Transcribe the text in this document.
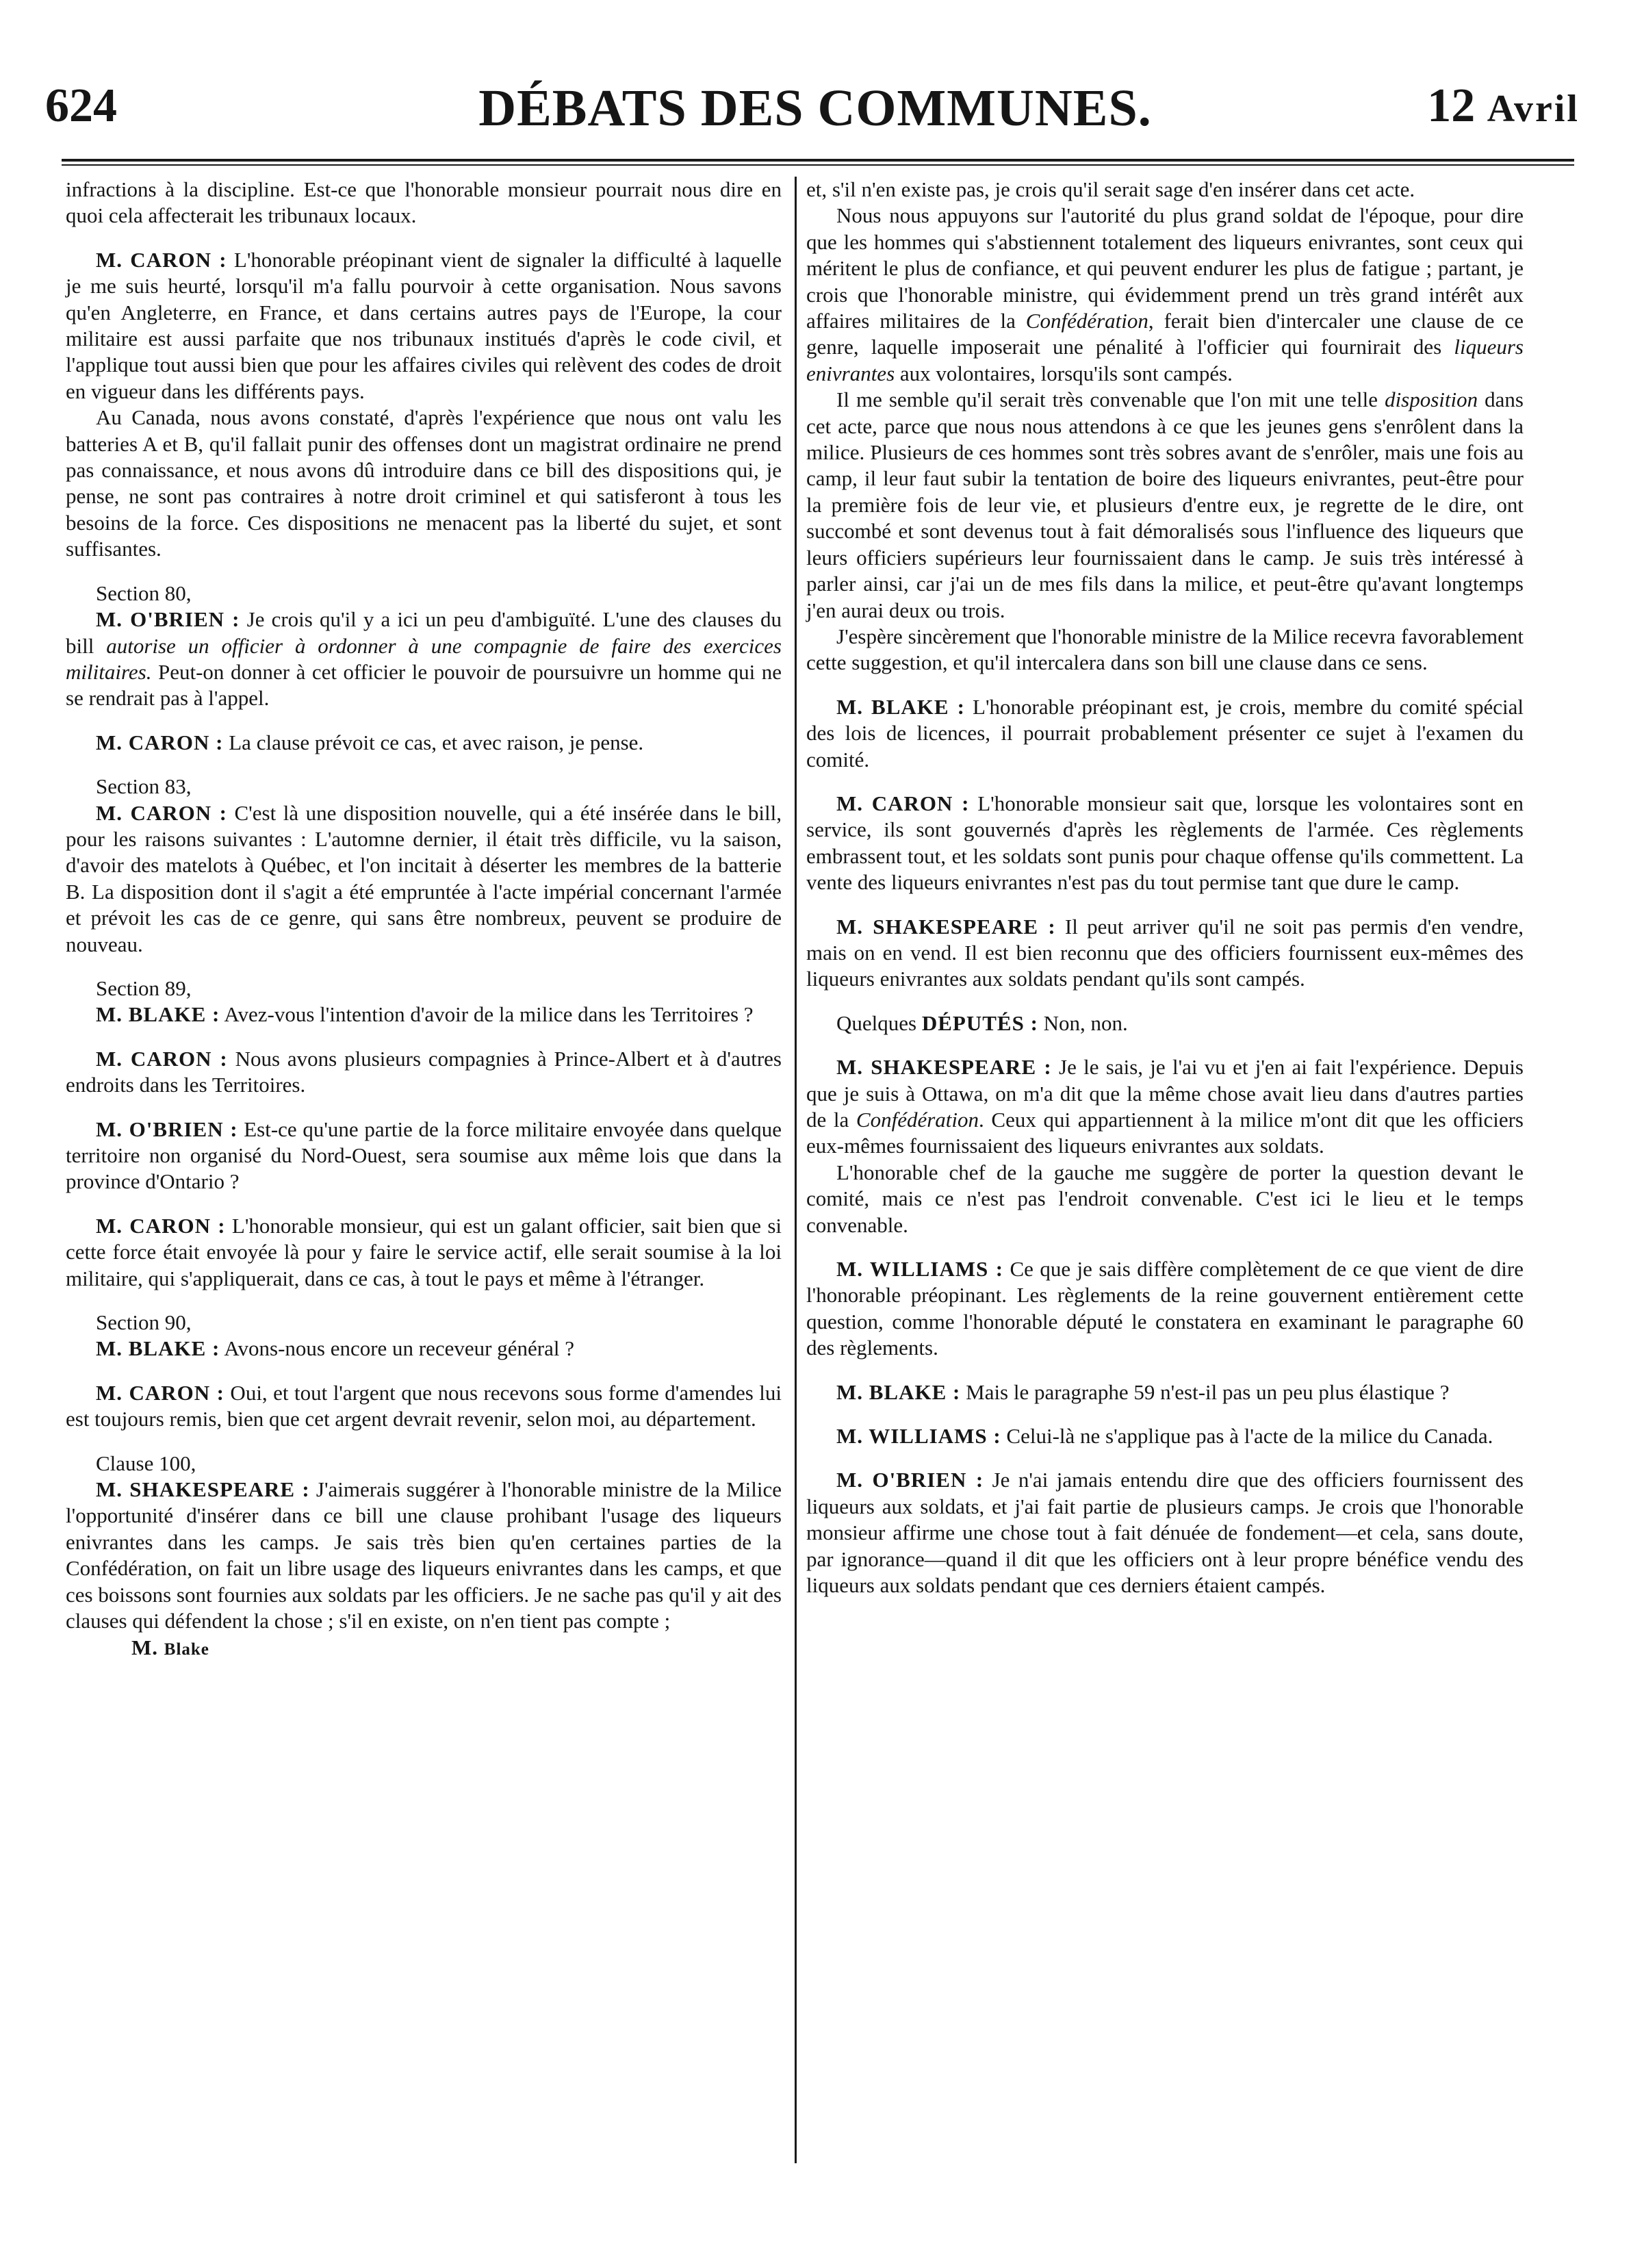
624	DÉBATS DES COMMUNES.	12 Avril

infractions à la discipline. Est-ce que l'honorable monsieur pourrait nous dire en quoi cela affecterait les tribunaux locaux.

M. CARON : L'honorable préopinant vient de signaler la difficulté à laquelle je me suis heurté, lorsqu'il m'a fallu pourvoir à cette organisation. Nous savons qu'en Angleterre, en France, et dans certains autres pays de l'Europe, la cour militaire est aussi parfaite que nos tribunaux institués d'après le code civil, et l'applique tout aussi bien que pour les affaires civiles qui relèvent des codes de droit en vigueur dans les différents pays.

Au Canada, nous avons constaté, d'après l'expérience que nous ont valu les batteries A et B, qu'il fallait punir des offenses dont un magistrat ordinaire ne prend pas connaissance, et nous avons dû introduire dans ce bill des dispositions qui, je pense, ne sont pas contraires à notre droit criminel et qui satisferont à tous les besoins de la force. Ces dispositions ne menacent pas la liberté du sujet, et sont suffisantes.

Section 80,

M. O'BRIEN : Je crois qu'il y a ici un peu d'ambiguïté. L'une des clauses du bill autorise un officier à ordonner à une compagnie de faire des exercices militaires. Peut-on donner à cet officier le pouvoir de poursuivre un homme qui ne se rendrait pas à l'appel.

M. CARON : La clause prévoit ce cas, et avec raison, je pense.

Section 83,

M. CARON : C'est là une disposition nouvelle, qui a été insérée dans le bill, pour les raisons suivantes : L'automne dernier, il était très difficile, vu la saison, d'avoir des matelots à Québec, et l'on incitait à déserter les membres de la batterie B. La disposition dont il s'agit a été empruntée à l'acte impérial concernant l'armée et prévoit les cas de ce genre, qui sans être nombreux, peuvent se produire de nouveau.

Section 89,

M. BLAKE : Avez-vous l'intention d'avoir de la milice dans les Territoires ?

M. CARON : Nous avons plusieurs compagnies à Prince-Albert et à d'autres endroits dans les Territoires.

M. O'BRIEN : Est-ce qu'une partie de la force militaire envoyée dans quelque territoire non organisé du Nord-Ouest, sera soumise aux même lois que dans la province d'Ontario ?

M. CARON : L'honorable monsieur, qui est un galant officier, sait bien que si cette force était envoyée là pour y faire le service actif, elle serait soumise à la loi militaire, qui s'appliquerait, dans ce cas, à tout le pays et même à l'étranger.

Section 90,

M. BLAKE : Avons-nous encore un receveur général ?

M. CARON : Oui, et tout l'argent que nous recevons sous forme d'amendes lui est toujours remis, bien que cet argent devrait revenir, selon moi, au département.

Clause 100,

M. SHAKESPEARE : J'aimerais suggérer à l'honorable ministre de la Milice l'opportunité d'insérer dans ce bill une clause prohibant l'usage des liqueurs enivrantes dans les camps. Je sais très bien qu'en certaines parties de la Confédération, on fait un libre usage des liqueurs enivrantes dans les camps, et que ces boissons sont fournies aux soldats par les officiers. Je ne sache pas qu'il y ait des clauses qui défendent la chose ; s'il en existe, on n'en tient pas compte ;

M. Blake

et, s'il n'en existe pas, je crois qu'il serait sage d'en insérer dans cet acte.

Nous nous appuyons sur l'autorité du plus grand soldat de l'époque, pour dire que les hommes qui s'abstiennent totalement des liqueurs enivrantes, sont ceux qui méritent le plus de confiance, et qui peuvent endurer les plus de fatigue ; partant, je crois que l'honorable ministre, qui évidemment prend un très grand intérêt aux affaires militaires de la Confédération, ferait bien d'intercaler une clause de ce genre, laquelle imposerait une pénalité à l'officier qui fournirait des liqueurs enivrantes aux volontaires, lorsqu'ils sont campés.

Il me semble qu'il serait très convenable que l'on mit une telle disposition dans cet acte, parce que nous nous attendons à ce que les jeunes gens s'enrôlent dans la milice. Plusieurs de ces hommes sont très sobres avant de s'enrôler, mais une fois au camp, il leur faut subir la tentation de boire des liqueurs enivrantes, peut-être pour la première fois de leur vie, et plusieurs d'entre eux, je regrette de le dire, ont succombé et sont devenus tout à fait démoralisés sous l'influence des liqueurs que leurs officiers supérieurs leur fournissaient dans le camp. Je suis très intéressé à parler ainsi, car j'ai un de mes fils dans la milice, et peut-être qu'avant longtemps j'en aurai deux ou trois.

J'espère sincèrement que l'honorable ministre de la Milice recevra favorablement cette suggestion, et qu'il intercalera dans son bill une clause dans ce sens.

M. BLAKE : L'honorable préopinant est, je crois, membre du comité spécial des lois de licences, il pourrait probablement présenter ce sujet à l'examen du comité.

M. CARON : L'honorable monsieur sait que, lorsque les volontaires sont en service, ils sont gouvernés d'après les règlements de l'armée. Ces règlements embrassent tout, et les soldats sont punis pour chaque offense qu'ils commettent. La vente des liqueurs enivrantes n'est pas du tout permise tant que dure le camp.

M. SHAKESPEARE : Il peut arriver qu'il ne soit pas permis d'en vendre, mais on en vend. Il est bien reconnu que des officiers fournissent eux-mêmes des liqueurs enivrantes aux soldats pendant qu'ils sont campés.

Quelques DÉPUTÉS : Non, non.

M. SHAKESPEARE : Je le sais, je l'ai vu et j'en ai fait l'expérience. Depuis que je suis à Ottawa, on m'a dit que la même chose avait lieu dans d'autres parties de la Confédération. Ceux qui appartiennent à la milice m'ont dit que les officiers eux-mêmes fournissaient des liqueurs enivrantes aux soldats.

L'honorable chef de la gauche me suggère de porter la question devant le comité, mais ce n'est pas l'endroit convenable. C'est ici le lieu et le temps convenable.

M. WILLIAMS : Ce que je sais diffère complètement de ce que vient de dire l'honorable préopinant. Les règlements de la reine gouvernent entièrement cette question, comme l'honorable député le constatera en examinant le paragraphe 60 des règlements.

M. BLAKE : Mais le paragraphe 59 n'est-il pas un peu plus élastique ?

M. WILLIAMS : Celui-là ne s'applique pas à l'acte de la milice du Canada.

M. O'BRIEN : Je n'ai jamais entendu dire que des officiers fournissent des liqueurs aux soldats, et j'ai fait partie de plusieurs camps. Je crois que l'honorable monsieur affirme une chose tout à fait dénuée de fondement—et cela, sans doute, par ignorance—quand il dit que les officiers ont à leur propre bénéfice vendu des liqueurs aux soldats pendant que ces derniers étaient campés.
